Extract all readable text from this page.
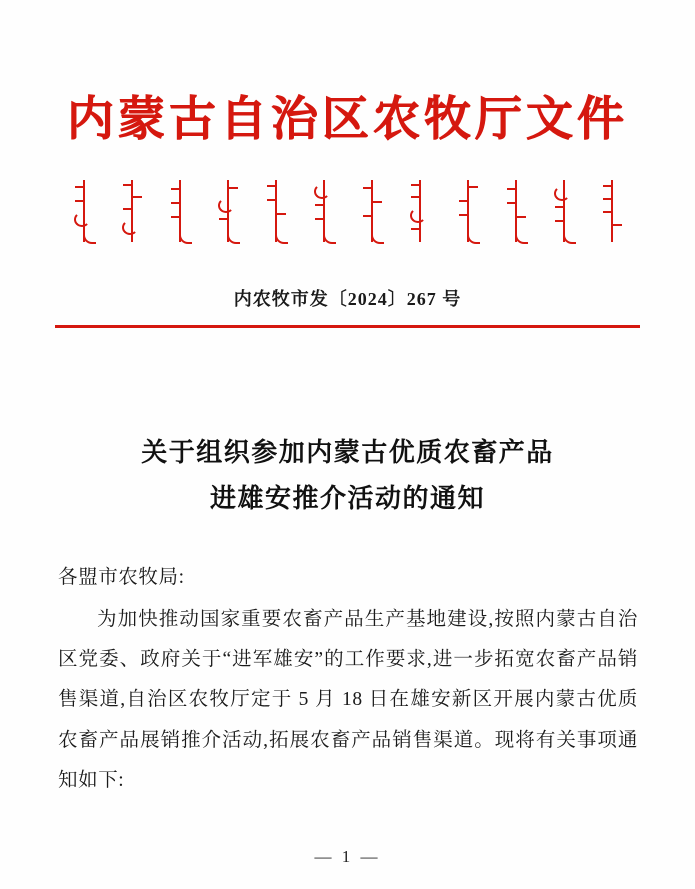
内蒙古自治区农牧厅文件
内农牧市发〔2024〕267 号
关于组织参加内蒙古优质农畜产品
进雄安推介活动的通知

各盟市农牧局:

为加快推动国家重要农畜产品生产基地建设,按照内蒙古自治区党委、政府关于“进军雄安”的工作要求,进一步拓宽农畜产品销售渠道,自治区农牧厅定于 5 月 18 日在雄安新区开展内蒙古优质农畜产品展销推介活动,拓展农畜产品销售渠道。现将有关事项通知如下:

— 1 —
